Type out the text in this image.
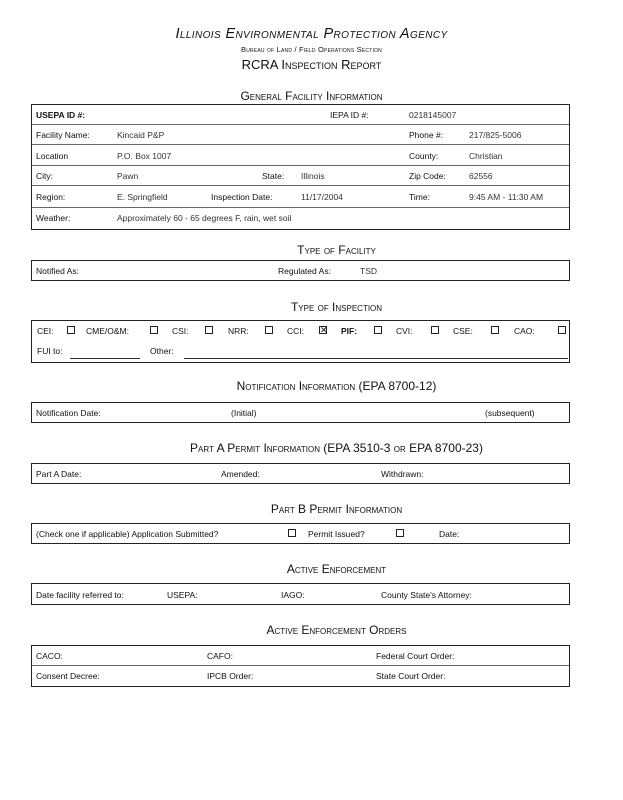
Illinois Environmental Protection Agency
Bureau of Land / Field Operations Section
RCRA Inspection Report
General Facility Information
USEPA ID #:	IEPA ID #:	0218145007
Facility Name:	Kincaid P&P	Phone #:	217/825-5006
Location	P.O. Box 1007	County:	Christian
City:	Pawn	State: Illinois	Zip Code:	62556
Region:	E. Springfield	Inspection Date:	11/17/2004	Time:	9:45 AM - 11:30 AM
Weather:	Approximately 60 - 65 degrees F, rain, wet soil
Type of Facility
Notified As:	Regulated As:	TSD
Type of Inspection
CEI:	CME/O&M:	CSI:	NRR:	CCI: ✕ PIF:	CVI:	CSE:	CAO:
FUI to:	Other:
Notification Information (EPA 8700-12)
Notification Date:	(Initial)	(subsequent)
Part A Permit Information (EPA 3510-3 or EPA 8700-23)
Part A Date:	Amended:	Withdrawn:
Part B Permit Information
(Check one if applicable) Application Submitted?	Permit Issued?	Date:
Active Enforcement
Date facility referred to:	USEPA:	IAGO:	County State's Attorney:
Active Enforcement Orders
CACO:	CAFO:	Federal Court Order:
Consent Decree:	IPCB Order:	State Court Order:
